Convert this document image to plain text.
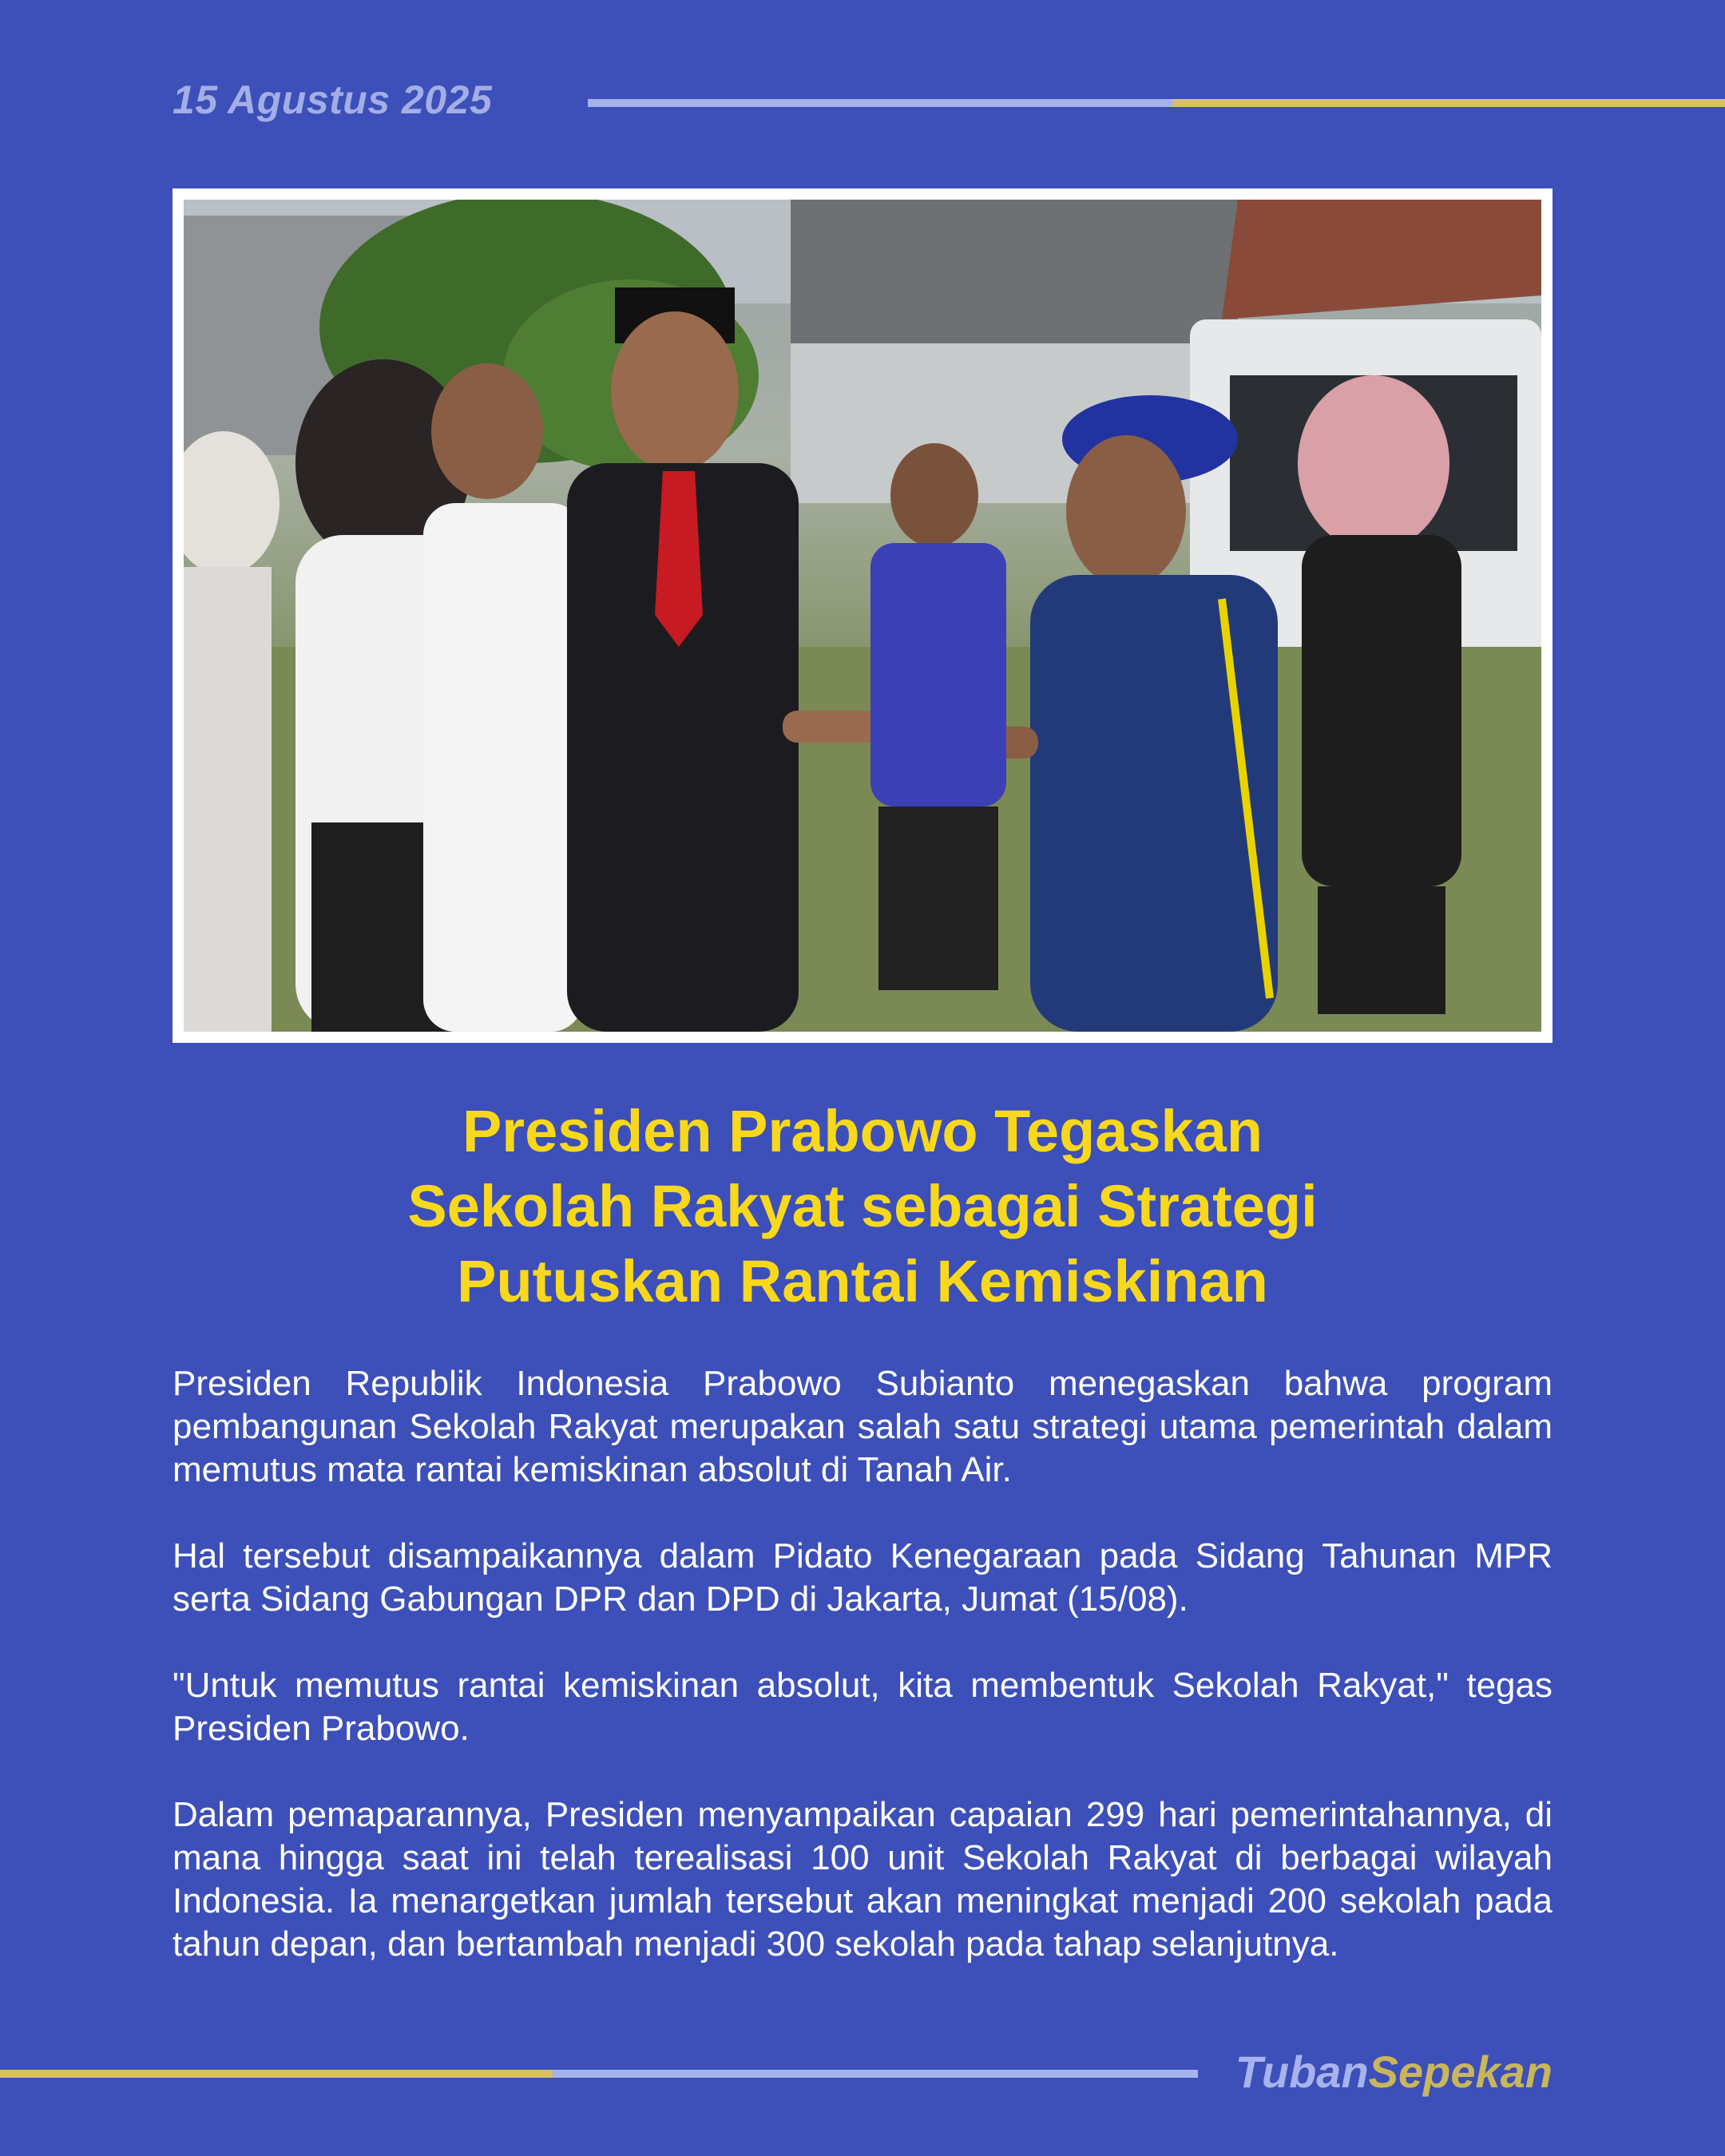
15 Agustus 2025
Presiden Prabowo Tegaskan
Sekolah Rakyat sebagai Strategi
Putuskan Rantai Kemiskinan

Presiden Republik Indonesia Prabowo Subianto menegaskan bahwa program pembangunan Sekolah Rakyat merupakan salah satu strategi utama pemerintah dalam memutus mata rantai kemiskinan absolut di Tanah Air.

Hal tersebut disampaikannya dalam Pidato Kenegaraan pada Sidang Tahunan MPR serta Sidang Gabungan DPR dan DPD di Jakarta, Jumat (15/08).

"Untuk memutus rantai kemiskinan absolut, kita membentuk Sekolah Rakyat," tegas Presiden Prabowo.

Dalam pemaparannya, Presiden menyampaikan capaian 299 hari pemerintahannya, di mana hingga saat ini telah terealisasi 100 unit Sekolah Rakyat di berbagai wilayah Indonesia. Ia menargetkan jumlah tersebut akan meningkat menjadi 200 sekolah pada tahun depan, dan bertambah menjadi 300 sekolah pada tahap selanjutnya.

TubanSepekan
